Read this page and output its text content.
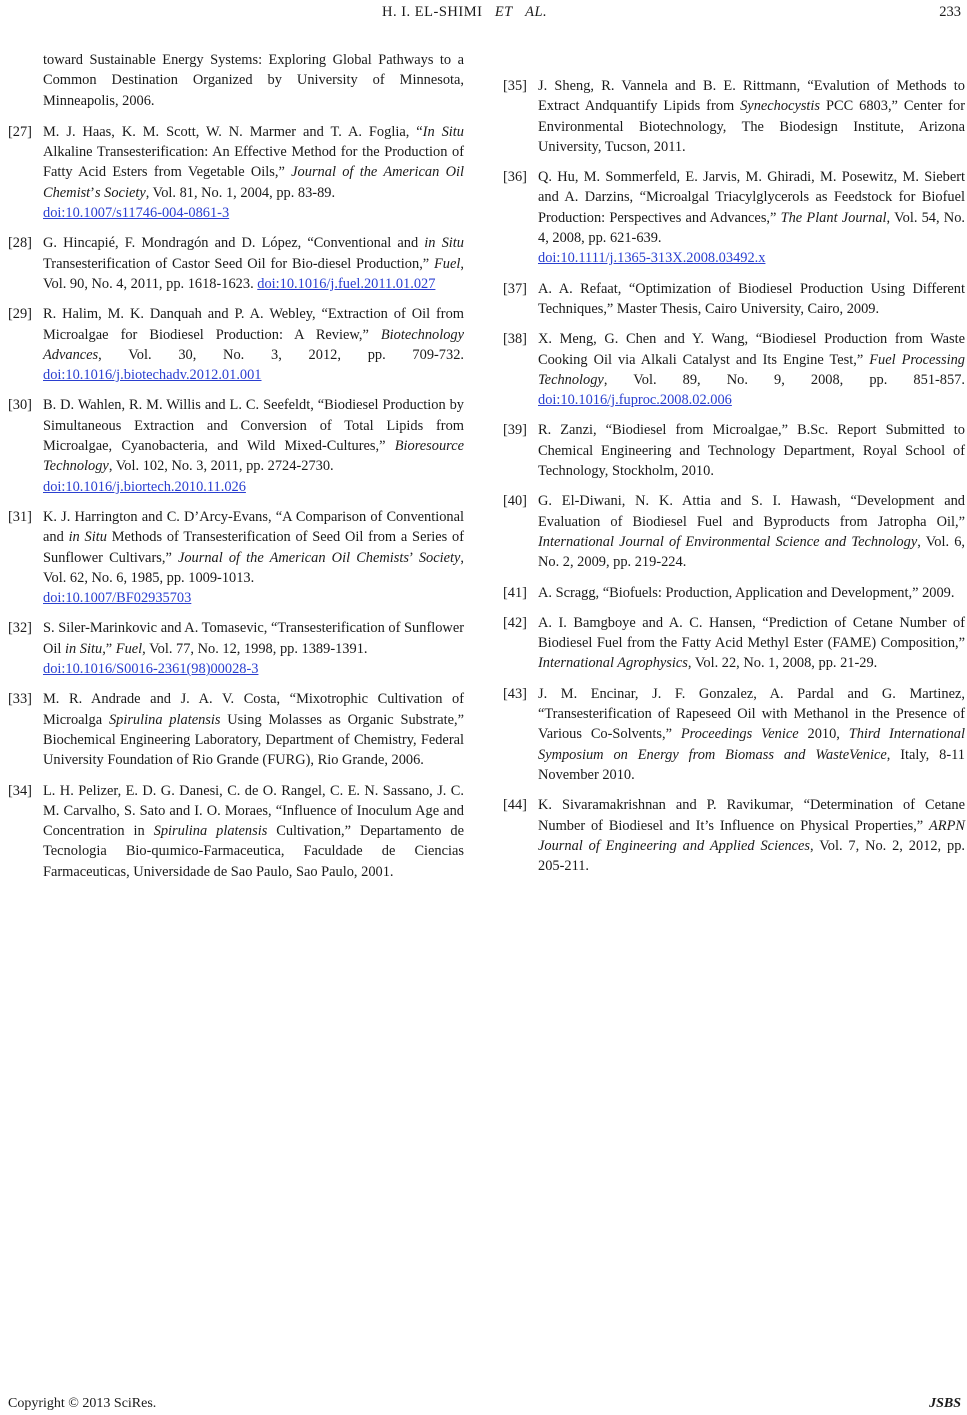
H. I. EL-SHIMI ET AL.	233
toward Sustainable Energy Systems: Exploring Global Pathways to a Common Destination Organized by University of Minnesota, Minneapolis, 2006.
[27] M. J. Haas, K. M. Scott, W. N. Marmer and T. A. Foglia, “In Situ Alkaline Transesterification: An Effective Method for the Production of Fatty Acid Esters from Vegetable Oils,” Journal of the American Oil Chemist’s Society, Vol. 81, No. 1, 2004, pp. 83-89.
doi:10.1007/s11746-004-0861-3
[28] G. Hincapié, F. Mondragón and D. López, “Conventional and in Situ Transesterification of Castor Seed Oil for Bio-diesel Production,” Fuel, Vol. 90, No. 4, 2011, pp. 1618-1623. doi:10.1016/j.fuel.2011.01.027
[29] R. Halim, M. K. Danquah and P. A. Webley, “Extraction of Oil from Microalgae for Biodiesel Production: A Review,” Biotechnology Advances, Vol. 30, No. 3, 2012, pp. 709-732. doi:10.1016/j.biotechadv.2012.01.001
[30] B. D. Wahlen, R. M. Willis and L. C. Seefeldt, “Biodiesel Production by Simultaneous Extraction and Conversion of Total Lipids from Microalgae, Cyanobacteria, and Wild Mixed-Cultures,” Bioresource Technology, Vol. 102, No. 3, 2011, pp. 2724-2730.
doi:10.1016/j.biortech.2010.11.026
[31] K. J. Harrington and C. D’Arcy-Evans, “A Comparison of Conventional and in Situ Methods of Transesterification of Seed Oil from a Series of Sunflower Cultivars,” Journal of the American Oil Chemists’ Society, Vol. 62, No. 6, 1985, pp. 1009-1013.
doi:10.1007/BF02935703
[32] S. Siler-Marinkovic and A. Tomasevic, “Transesterification of Sunflower Oil in Situ,” Fuel, Vol. 77, No. 12, 1998, pp. 1389-1391.
doi:10.1016/S0016-2361(98)00028-3
[33] M. R. Andrade and J. A. V. Costa, “Mixotrophic Cultivation of Microalga Spirulina platensis Using Molasses as Organic Substrate,” Biochemical Engineering Laboratory, Department of Chemistry, Federal University Foundation of Rio Grande (FURG), Rio Grande, 2006.
[34] L. H. Pelizer, E. D. G. Danesi, C. de O. Rangel, C. E. N. Sassano, J. C. M. Carvalho, S. Sato and I. O. Moraes, “Influence of Inoculum Age and Concentration in Spirulina platensis Cultivation,” Departamento de Tecnologia Bio-quımico-Farmaceutica, Faculdade de Ciencias Farmaceuticas, Universidade de Sao Paulo, Sao Paulo, 2001.
[35] J. Sheng, R. Vannela and B. E. Rittmann, “Evalution of Methods to Extract Andquantify Lipids from Synechocystis PCC 6803,” Center for Environmental Biotechnology, The Biodesign Institute, Arizona University, Tucson, 2011.
[36] Q. Hu, M. Sommerfeld, E. Jarvis, M. Ghiradi, M. Posewitz, M. Siebert and A. Darzins, “Microalgal Triacylglycerols as Feedstock for Biofuel Production: Perspectives and Advances,” The Plant Journal, Vol. 54, No. 4, 2008, pp. 621-639.
doi:10.1111/j.1365-313X.2008.03492.x
[37] A. A. Refaat, “Optimization of Biodiesel Production Using Different Techniques,” Master Thesis, Cairo University, Cairo, 2009.
[38] X. Meng, G. Chen and Y. Wang, “Biodiesel Production from Waste Cooking Oil via Alkali Catalyst and Its Engine Test,” Fuel Processing Technology, Vol. 89, No. 9, 2008, pp. 851-857. doi:10.1016/j.fuproc.2008.02.006
[39] R. Zanzi, “Biodiesel from Microalgae,” B.Sc. Report Submitted to Chemical Engineering and Technology Department, Royal School of Technology, Stockholm, 2010.
[40] G. El-Diwani, N. K. Attia and S. I. Hawash, “Development and Evaluation of Biodiesel Fuel and Byproducts from Jatropha Oil,” International Journal of Environmental Science and Technology, Vol. 6, No. 2, 2009, pp. 219-224.
[41] A. Scragg, “Biofuels: Production, Application and Development,” 2009.
[42] A. I. Bamgboye and A. C. Hansen, “Prediction of Cetane Number of Biodiesel Fuel from the Fatty Acid Methyl Ester (FAME) Composition,” International Agrophysics, Vol. 22, No. 1, 2008, pp. 21-29.
[43] J. M. Encinar, J. F. Gonzalez, A. Pardal and G. Martinez, “Transesterification of Rapeseed Oil with Methanol in the Presence of Various Co-Solvents,” Proceedings Venice 2010, Third International Symposium on Energy from Biomass and WasteVenice, Italy, 8-11 November 2010.
[44] K. Sivaramakrishnan and P. Ravikumar, “Determination of Cetane Number of Biodiesel and It’s Influence on Physical Properties,” ARPN Journal of Engineering and Applied Sciences, Vol. 7, No. 2, 2012, pp. 205-211.
Copyright © 2013 SciRes.	JSBS
